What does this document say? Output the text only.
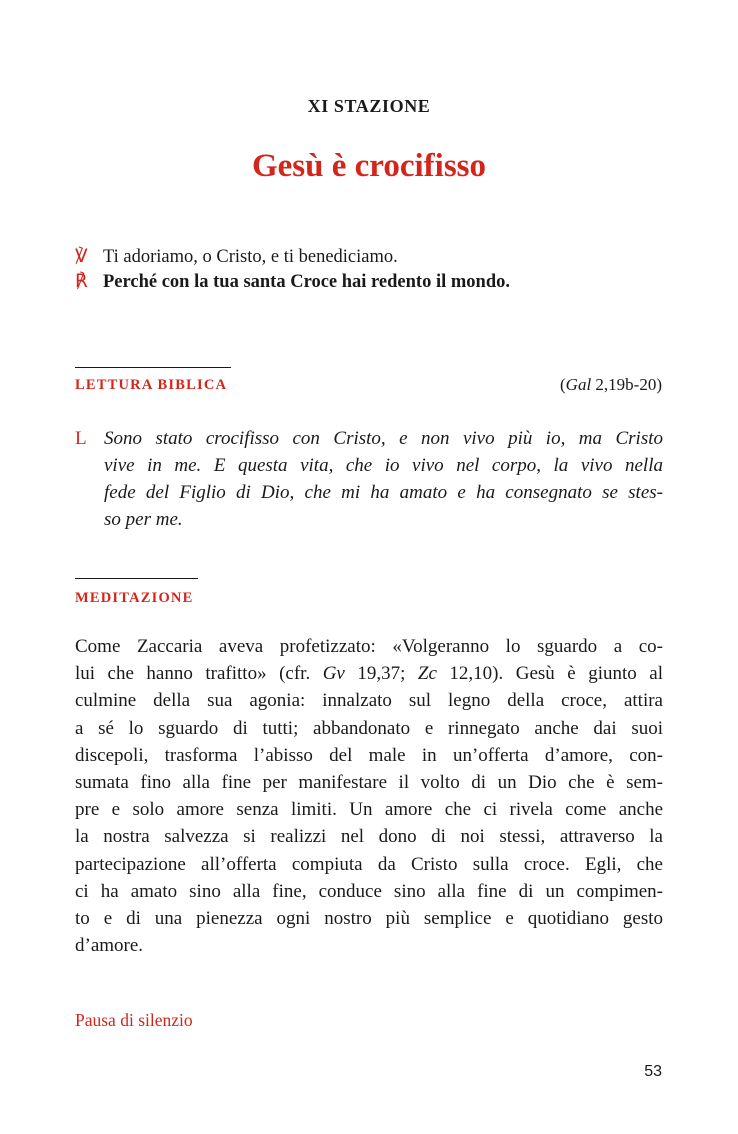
XI STAZIONE
Gesù è crocifisso
℣ Ti adoriamo, o Cristo, e ti benediciamo.
℟ Perché con la tua santa Croce hai redento il mondo.
LETTURA BIBLICA	(Gal 2,19b-20)
L Sono stato crocifisso con Cristo, e non vivo più io, ma Cristo
vive in me. E questa vita, che io vivo nel corpo, la vivo nella
fede del Figlio di Dio, che mi ha amato e ha consegnato se stes-
so per me.
MEDITAZIONE
Come Zaccaria aveva profetizzato: «Volgeranno lo sguardo a co-
lui che hanno trafitto» (cfr. Gv 19,37; Zc 12,10). Gesù è giunto al
culmine della sua agonia: innalzato sul legno della croce, attira
a sé lo sguardo di tutti; abbandonato e rinnegato anche dai suoi
discepoli, trasforma l’abisso del male in un’offerta d’amore, con-
sumata fino alla fine per manifestare il volto di un Dio che è sem-
pre e solo amore senza limiti. Un amore che ci rivela come anche
la nostra salvezza si realizzi nel dono di noi stessi, attraverso la
partecipazione all’offerta compiuta da Cristo sulla croce. Egli, che
ci ha amato sino alla fine, conduce sino alla fine di un compimen-
to e di una pienezza ogni nostro più semplice e quotidiano gesto
d’amore.
Pausa di silenzio
53
